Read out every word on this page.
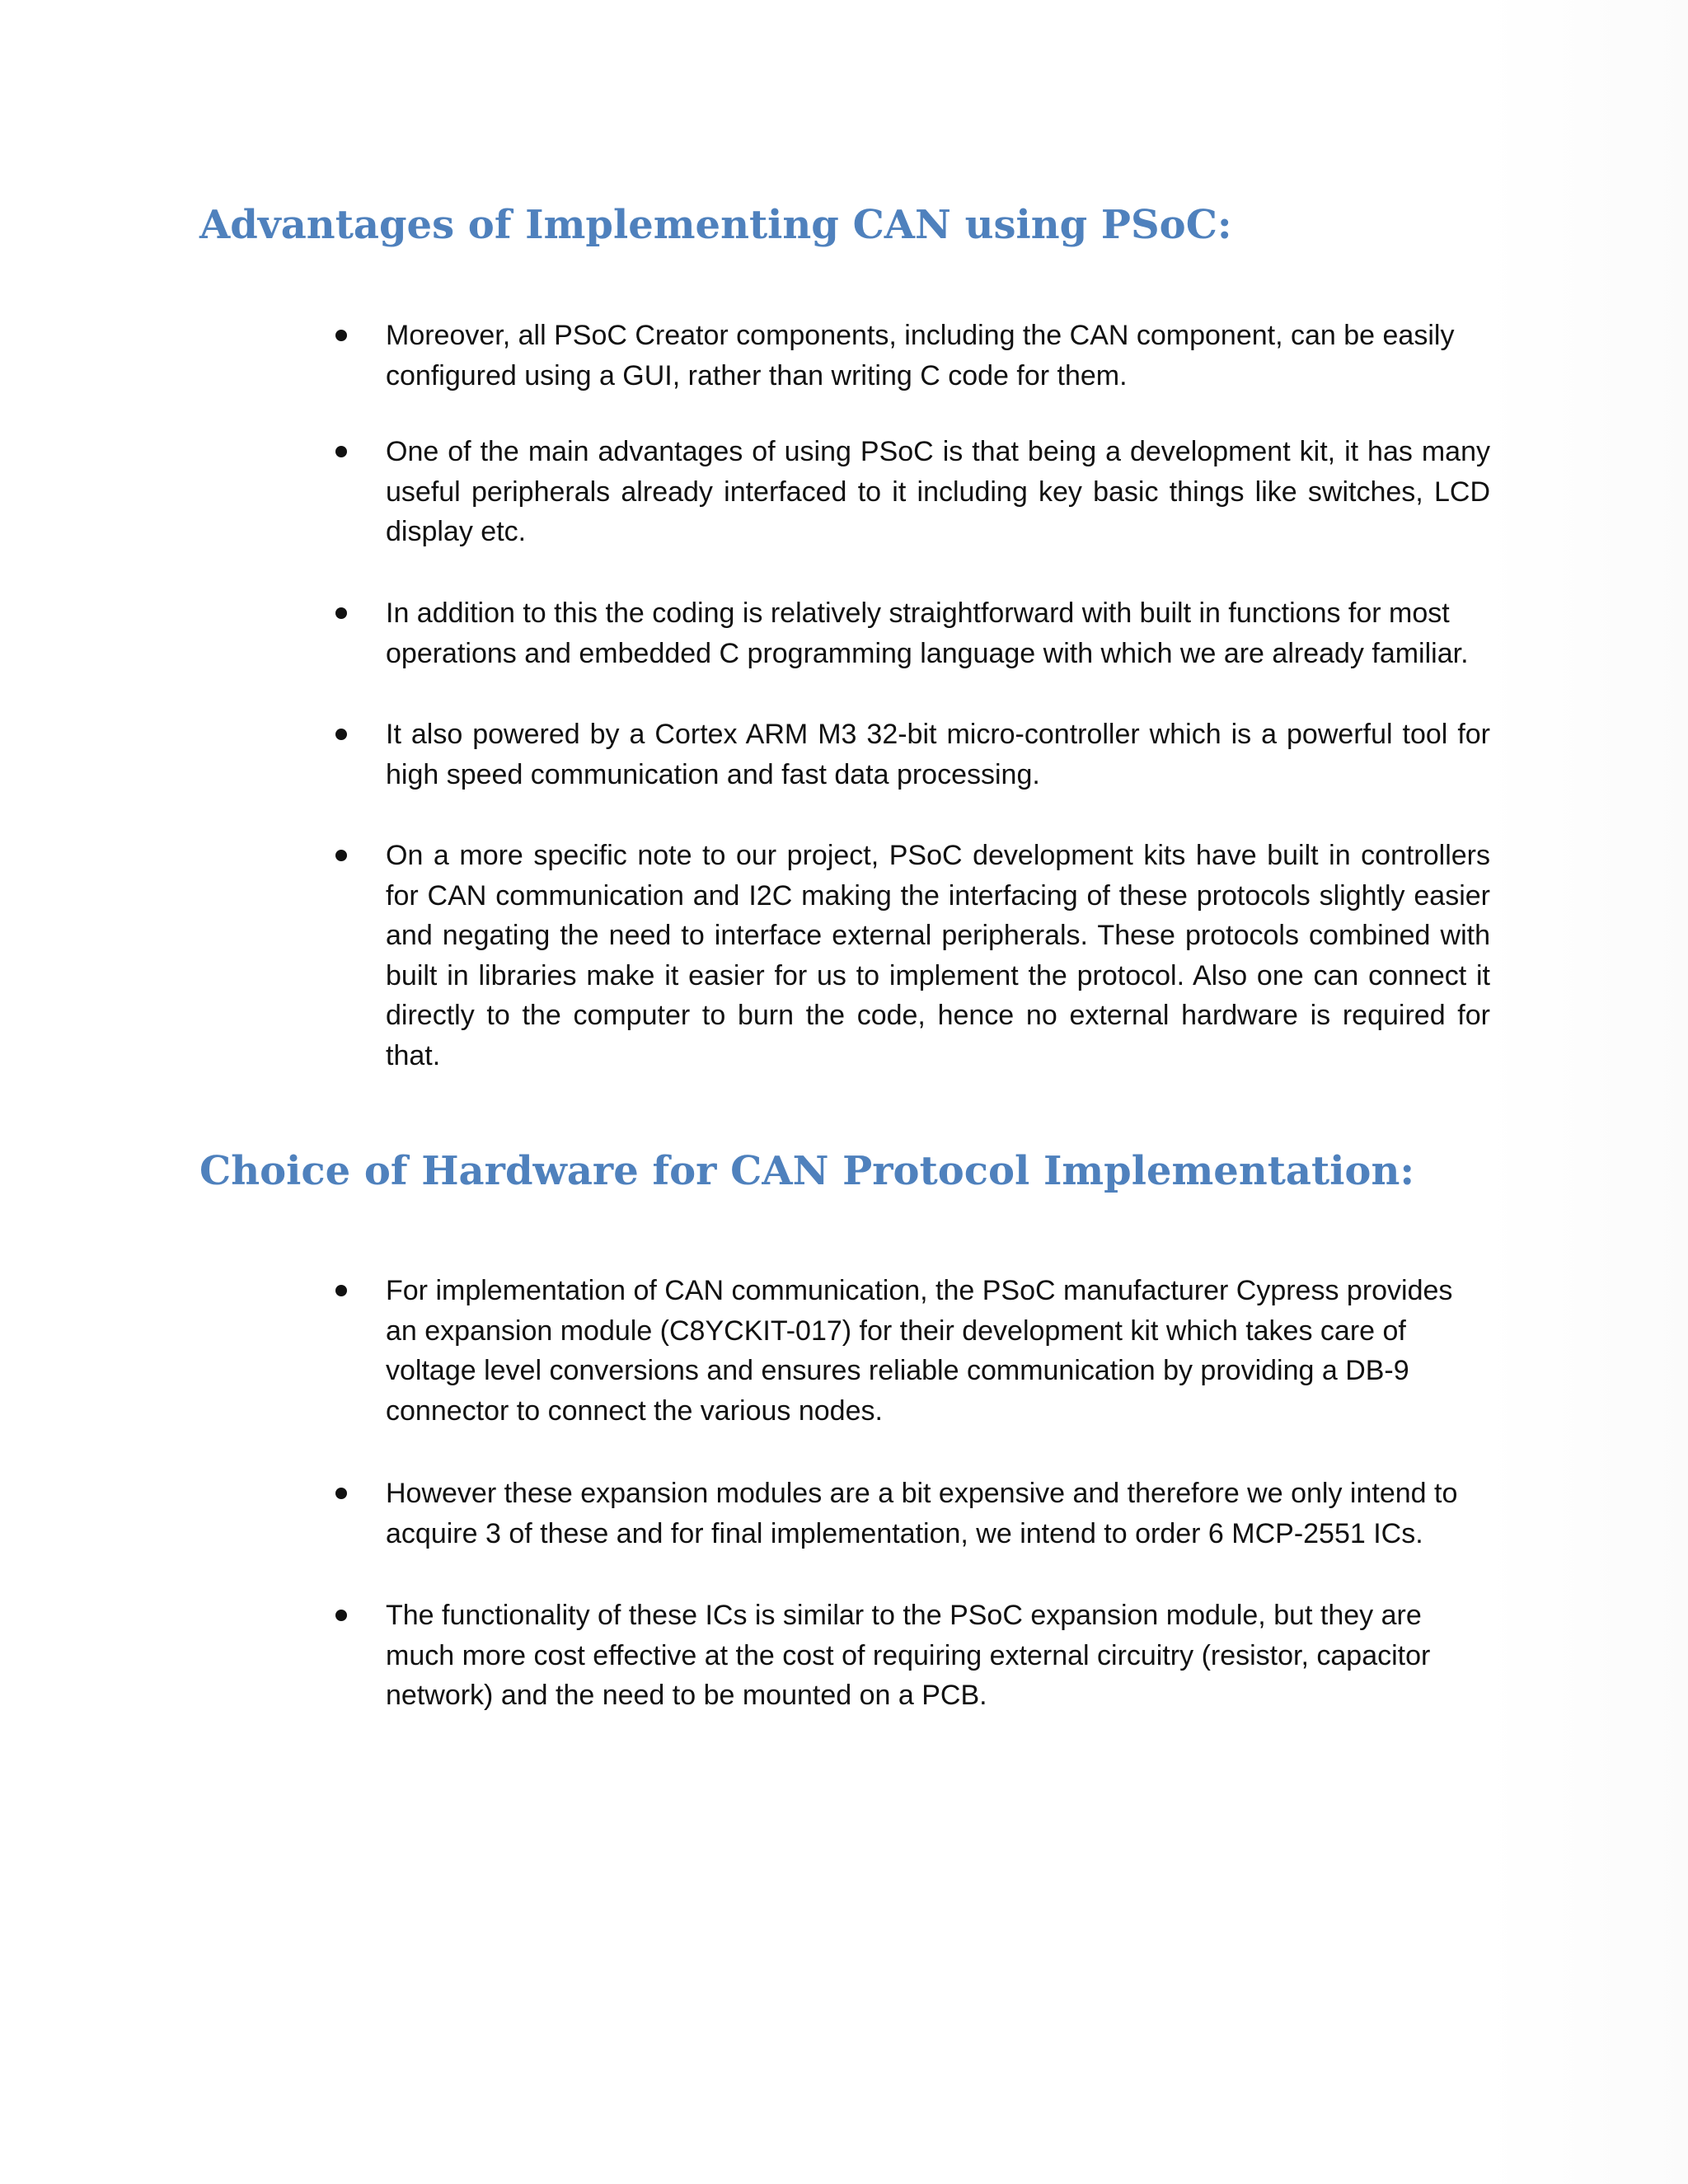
Advantages of Implementing CAN using PSoC:
Moreover, all PSoC Creator components, including the CAN component, can be easily configured using a GUI, rather than writing C code for them.
One of the main advantages of using PSoC is that being a development kit, it has many useful peripherals already interfaced to it including key basic things like switches, LCD display etc.
In addition to this the coding is relatively straightforward with built in functions for most operations and embedded C programming language with which we are already familiar.
It also powered by a Cortex ARM M3 32-bit micro-controller which is a powerful tool for high speed communication and fast data processing.
On a more specific note to our project, PSoC development kits have built in controllers for CAN communication and I2C making the interfacing of these protocols slightly easier and negating the need to interface external peripherals. These protocols combined with built in libraries make it easier for us to implement the protocol. Also one can connect it directly to the computer to burn the code, hence no external hardware is required for that.
Choice of Hardware for CAN Protocol Implementation:
For implementation of CAN communication, the PSoC manufacturer Cypress provides an expansion module (C8YCKIT-017) for their development kit which takes care of voltage level conversions and ensures reliable communication by providing a DB-9 connector to connect the various nodes.
However these expansion modules are a bit expensive and therefore we only intend to acquire 3 of these and for final implementation, we intend to order 6 MCP-2551 ICs.
The functionality of these ICs is similar to the PSoC expansion module, but they are much more cost effective at the cost of requiring external circuitry (resistor, capacitor network) and the need to be mounted on a PCB.
